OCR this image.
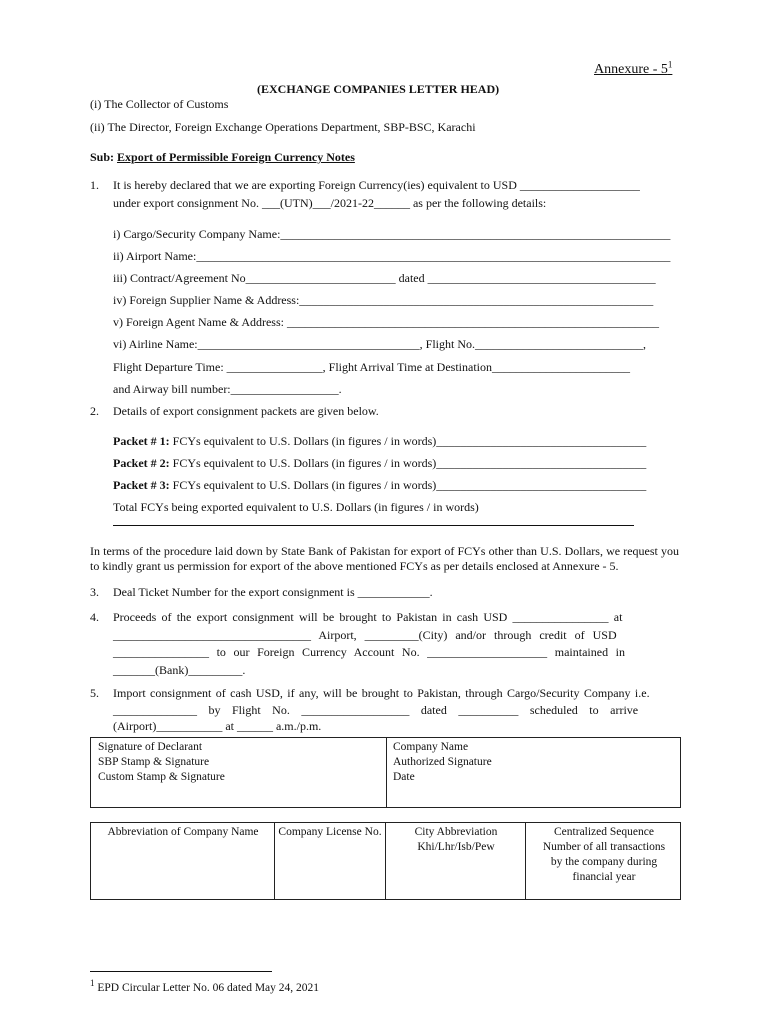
Annexure - $5^1$
(EXCHANGE COMPANIES LETTER HEAD)
(i) The Collector of Customs
(ii) The Director, Foreign Exchange Operations Department, SBP-BSC, Karachi
Sub: Export of Permissible Foreign Currency Notes
1. It is hereby declared that we are exporting Foreign Currency(ies) equivalent to USD ____________________
under export consignment No. ___(UTN)___/2021-22______ as per the following details:
i) Cargo/Security Company Name:_________________________________________________________________
ii) Airport Name:_______________________________________________________________________________
iii) Contract/Agreement No_________________________ dated ______________________________________
iv) Foreign Supplier Name & Address:___________________________________________________________
v) Foreign Agent Name & Address: ______________________________________________________________
vi) Airline Name:_____________________________________, Flight No.____________________________,
Flight Departure Time: ________________, Flight Arrival Time at Destination_______________________
and Airway bill number:__________________.
2. Details of export consignment packets are given below.
Packet # 1: FCYs equivalent to U.S. Dollars (in figures / in words)___________________________________
Packet # 2: FCYs equivalent to U.S. Dollars (in figures / in words)___________________________________
Packet # 3: FCYs equivalent to U.S. Dollars (in figures / in words)___________________________________
Total FCYs being exported equivalent to U.S. Dollars (in figures / in words)
In terms of the procedure laid down by State Bank of Pakistan for export of FCYs other than U.S. Dollars, we request you to kindly grant us permission for export of the above mentioned FCYs as per details enclosed at Annexure - 5.
3. Deal Ticket Number for the export consignment is ____________.
4. Proceeds of the export consignment will be brought to Pakistan in cash USD ________________ at
_________________________________ Airport, _________(City) and/or through credit of USD
________________ to our Foreign Currency Account No. ____________________ maintained in
_______(Bank)_________.
5. Import consignment of cash USD, if any, will be brought to Pakistan, through Cargo/Security Company i.e.
______________ by Flight No. __________________ dated __________ scheduled to arrive
(Airport)___________ at ______ a.m./p.m.
Signature of Declarant
SBP Stamp & Signature
Custom Stamp & Signature
Company Name
Authorized Signature
Date
Abbreviation of Company Name	Company License No.	City Abbreviation Khi/Lhr/Isb/Pew
Centralized Sequence Number of all transactions by the company during financial year
$^1$ EPD Circular Letter No. 06 dated May 24, 2021
